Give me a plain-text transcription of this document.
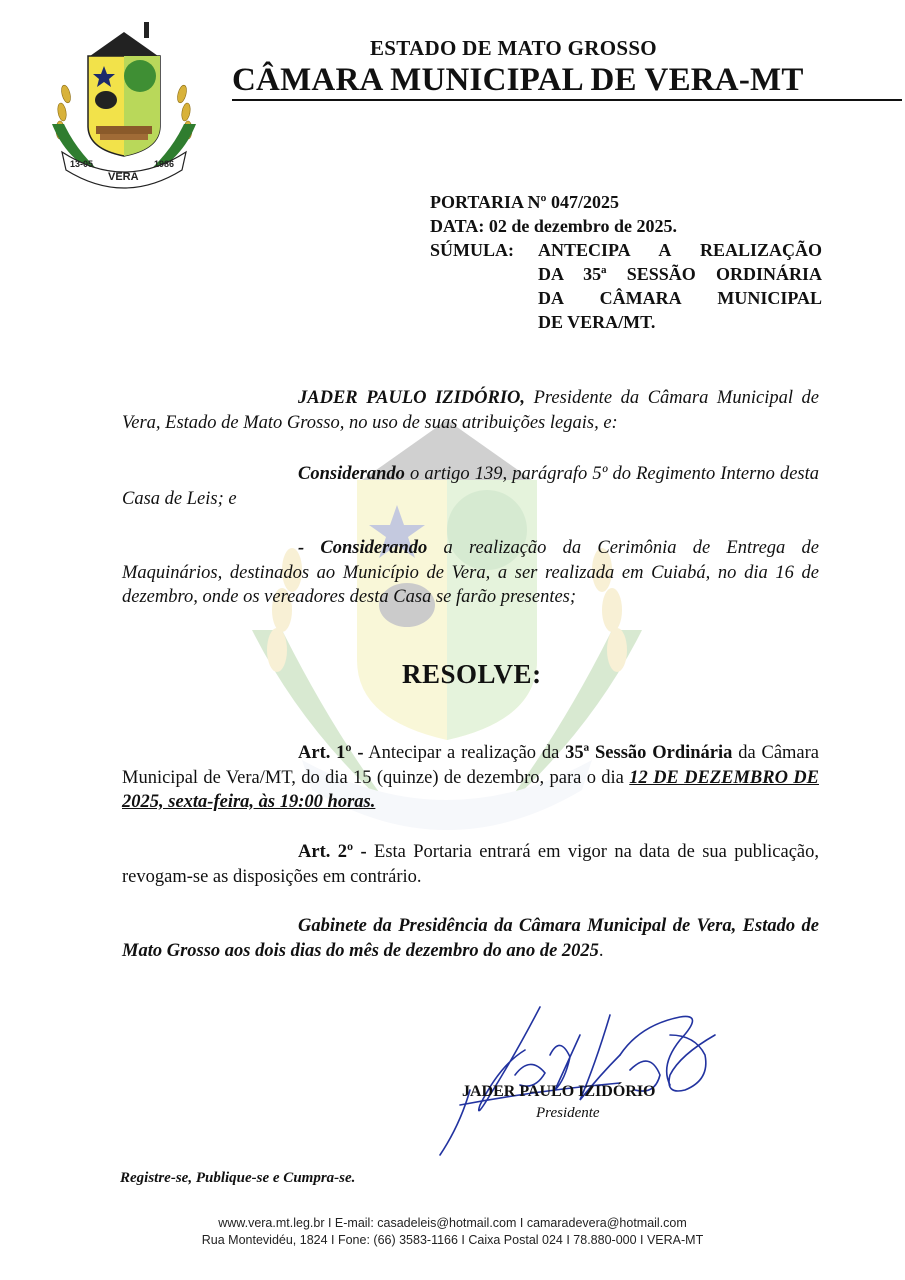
13-05	1986
VERA
ESTADO DE MATO GROSSO
CÂMARA MUNICIPAL DE VERA-MT
PORTARIA Nº 047/2025
DATA: 02 de dezembro de 2025.
SÚMULA: ANTECIPA A REALIZAÇÃO
DA 35ª SESSÃO ORDINÁRIA
DA CÂMARA MUNICIPAL
DE VERA/MT.
JADER PAULO IZIDÓRIO, Presidente da Câmara Municipal de Vera, Estado de Mato Grosso, no uso de suas atribuições legais, e:
Considerando o artigo 139, parágrafo 5º do Regimento Interno desta Casa de Leis; e
- Considerando a realização da Cerimônia de Entrega de Maquinários, destinados ao Município de Vera, a ser realizada em Cuiabá, no dia 16 de dezembro, onde os vereadores desta Casa se farão presentes;
RESOLVE:
Art. 1º - Antecipar a realização da 35ª Sessão Ordinária da Câmara Municipal de Vera/MT, do dia 15 (quinze) de dezembro, para o dia 12 DE DEZEMBRO DE 2025, sexta-feira, às 19:00 horas.
Art. 2º - Esta Portaria entrará em vigor na data de sua publicação, revogam-se as disposições em contrário.
Gabinete da Presidência da Câmara Municipal de Vera, Estado de Mato Grosso aos dois dias do mês de dezembro do ano de 2025.
JADER PAULO IZIDÓRIO
Presidente
Registre-se, Publique-se e Cumpra-se.
www.vera.mt.leg.br I E-mail: casadeleis@hotmail.com I camaradevera@hotmail.com
Rua Montevidéu, 1824 I Fone: (66) 3583-1166 I Caixa Postal 024 I 78.880-000 I VERA-MT
